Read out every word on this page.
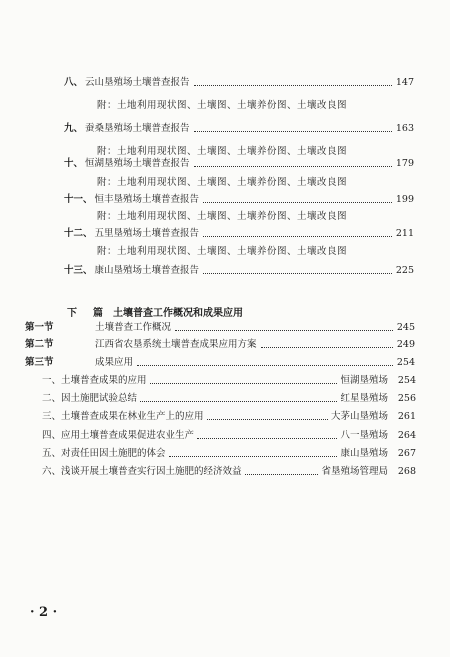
八、 云山垦殖场土壤普查报告	147
附：土地利用现状图、土壤图、土壤养份图、土壤改良图
九、 蚕桑垦殖场土壤普查报告	163
附：土地利用现状图、土壤图、土壤养份图、土壤改良图
十、 恒湖垦殖场土壤普查报告	179
附：土地利用现状图、土壤图、土壤养份图、土壤改良图
十一、 恒丰垦殖场土壤普查报告	199
附：土地利用现状图、土壤图、土壤养份图、土壤改良图
十二、 五里垦殖场土壤普查报告	211
附：土地利用现状图、土壤图、土壤养份图、土壤改良图
十三、 康山垦殖场土壤普查报告	225
下 篇 土壤普查工作概况和成果应用
第一节	土壤普查工作概况	245
第二节	江西省农垦系统土壤普查成果应用方案	249
第三节	成果应用	254
一、土壤普查成果的应用	恒湖垦殖场	254
二、因土施肥试验总结	红星垦殖场	256
三、土壤普查成果在林业生产上的应用	大茅山垦殖场	261
四、应用土壤普查成果促进农业生产	八一垦殖场	264
五、对责任田因土施肥的体会	康山垦殖场	267
六、浅谈开展土壤普查实行因土施肥的经济效益	省垦殖场管理局	268
· 2 ·
